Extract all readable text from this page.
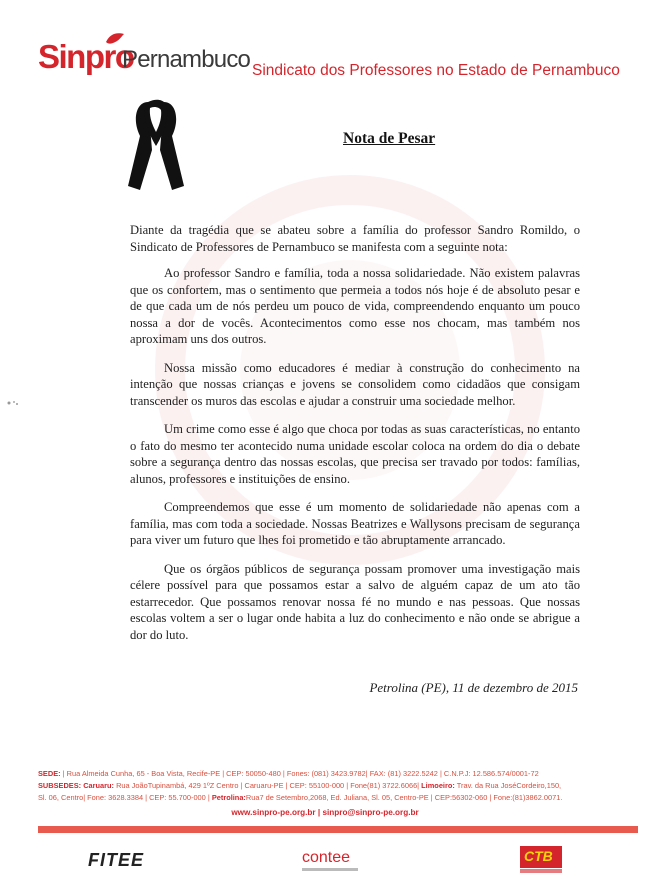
Sinpro
Pernambuco Sindicato dos Professores no Estado de Pernambuco
Nota de Pesar

Diante da tragédia que se abateu sobre a família do professor Sandro Romildo, o Sindicato de Professores de Pernambuco se manifesta com a seguinte nota:

Ao professor Sandro e família, toda a nossa solidariedade. Não existem palavras que os confortem, mas o sentimento que permeia a todos nós hoje é de absoluto pesar e de que cada um de nós perdeu um pouco de vida, compreendendo enquanto um pouco nossa a dor de vocês. Acontecimentos como esse nos chocam, mas também nos aproximam uns dos outros.

Nossa missão como educadores é mediar à construção do conhecimento na intenção que nossas crianças e jovens se consolidem como cidadãos que consigam transcender os muros das escolas e ajudar a construir uma sociedade melhor.

Um crime como esse é algo que choca por todas as suas características, no entanto o fato do mesmo ter acontecido numa unidade escolar coloca na ordem do dia o debate sobre a segurança dentro das nossas escolas, que precisa ser travado por todos: famílias, alunos, professores e instituições de ensino.

Compreendemos que esse é um momento de solidariedade não apenas com a família, mas com toda a sociedade. Nossas Beatrizes e Wallysons precisam de segurança para viver um futuro que lhes foi prometido e tão abruptamente arrancado.

Que os órgãos públicos de segurança possam promover uma investigação mais célere possível para que possamos estar a salvo de alguém capaz de um ato tão estarrecedor. Que possamos renovar nossa fé no mundo e nas pessoas. Que nossas escolas voltem a ser o lugar onde habita a luz do conhecimento e não onde se abrigue a dor do luto.

Petrolina (PE), 11 de dezembro de 2015
SEDE: | Rua Almeida Cunha, 65 - Boa Vista, Recife-PE | CEP: 50050-480 | Fones: (081) 3423.9782| FAX: (81) 3222.5242 | C.N.P.J: 12.586.574/0001-72
SUBSEDES: Caruaru: Rua JoãoTupinambá, 429 1ºZ Centro | Caruaru-PE | CEP: 55100-000 | Fone(81) 3722.6066| Limoeiro: Trav. da Rua JoséCordeiro,150,
Sl. 06, Centro| Fone: 3628.3384 | CEP: 55.700-000 | Petrolina:Rua7 de Setembro,2068, Ed. Juliana, Sl. 05, Centro-PE | CEP:56302-060 | Fone:(81)3862.0071.
www.sinpro-pe.org.br | sinpro@sinpro-pe.org.br
FITEE	contee	CTB
